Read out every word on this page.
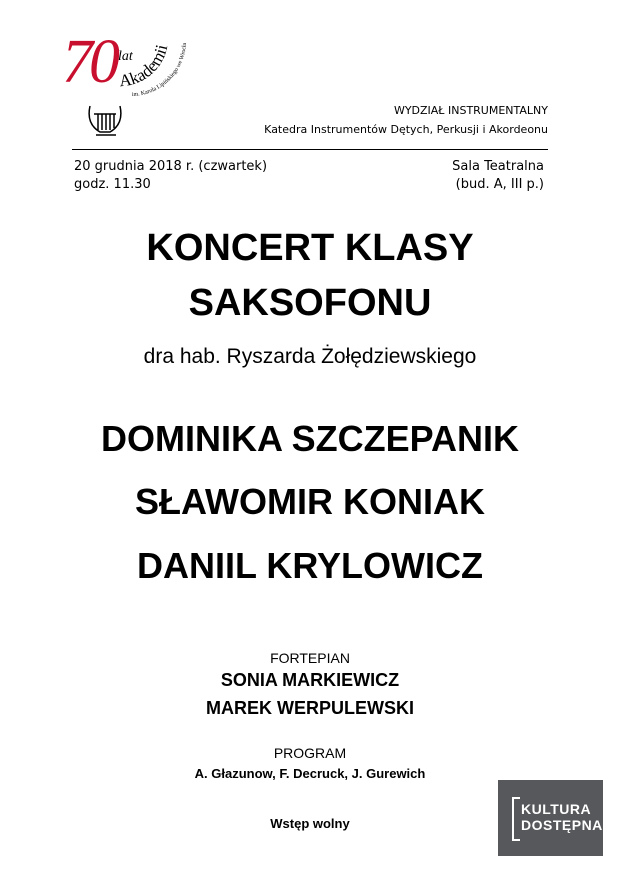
70 lat
Akademii
im. Karola Lipińskiego we Wrocła
WYDZIAŁ INSTRUMENTALNY
Katedra Instrumentów Dętych, Perkusji i Akordeonu
20 grudnia 2018 r. (czwartek)
godz. 11.30
Sala Teatralna
(bud. A, III p.)
KONCERT KLASY
SAKSOFONU
dra hab. Ryszarda Żołędziewskiego
DOMINIKA SZCZEPANIK
SŁAWOMIR KONIAK
DANIIL KRYLOWICZ
FORTEPIAN
SONIA MARKIEWICZ
MAREK WERPULEWSKI
PROGRAM
A. Głazunow, F. Decruck, J. Gurewich
Wstęp wolny
KULTURA
DOSTĘPNA
